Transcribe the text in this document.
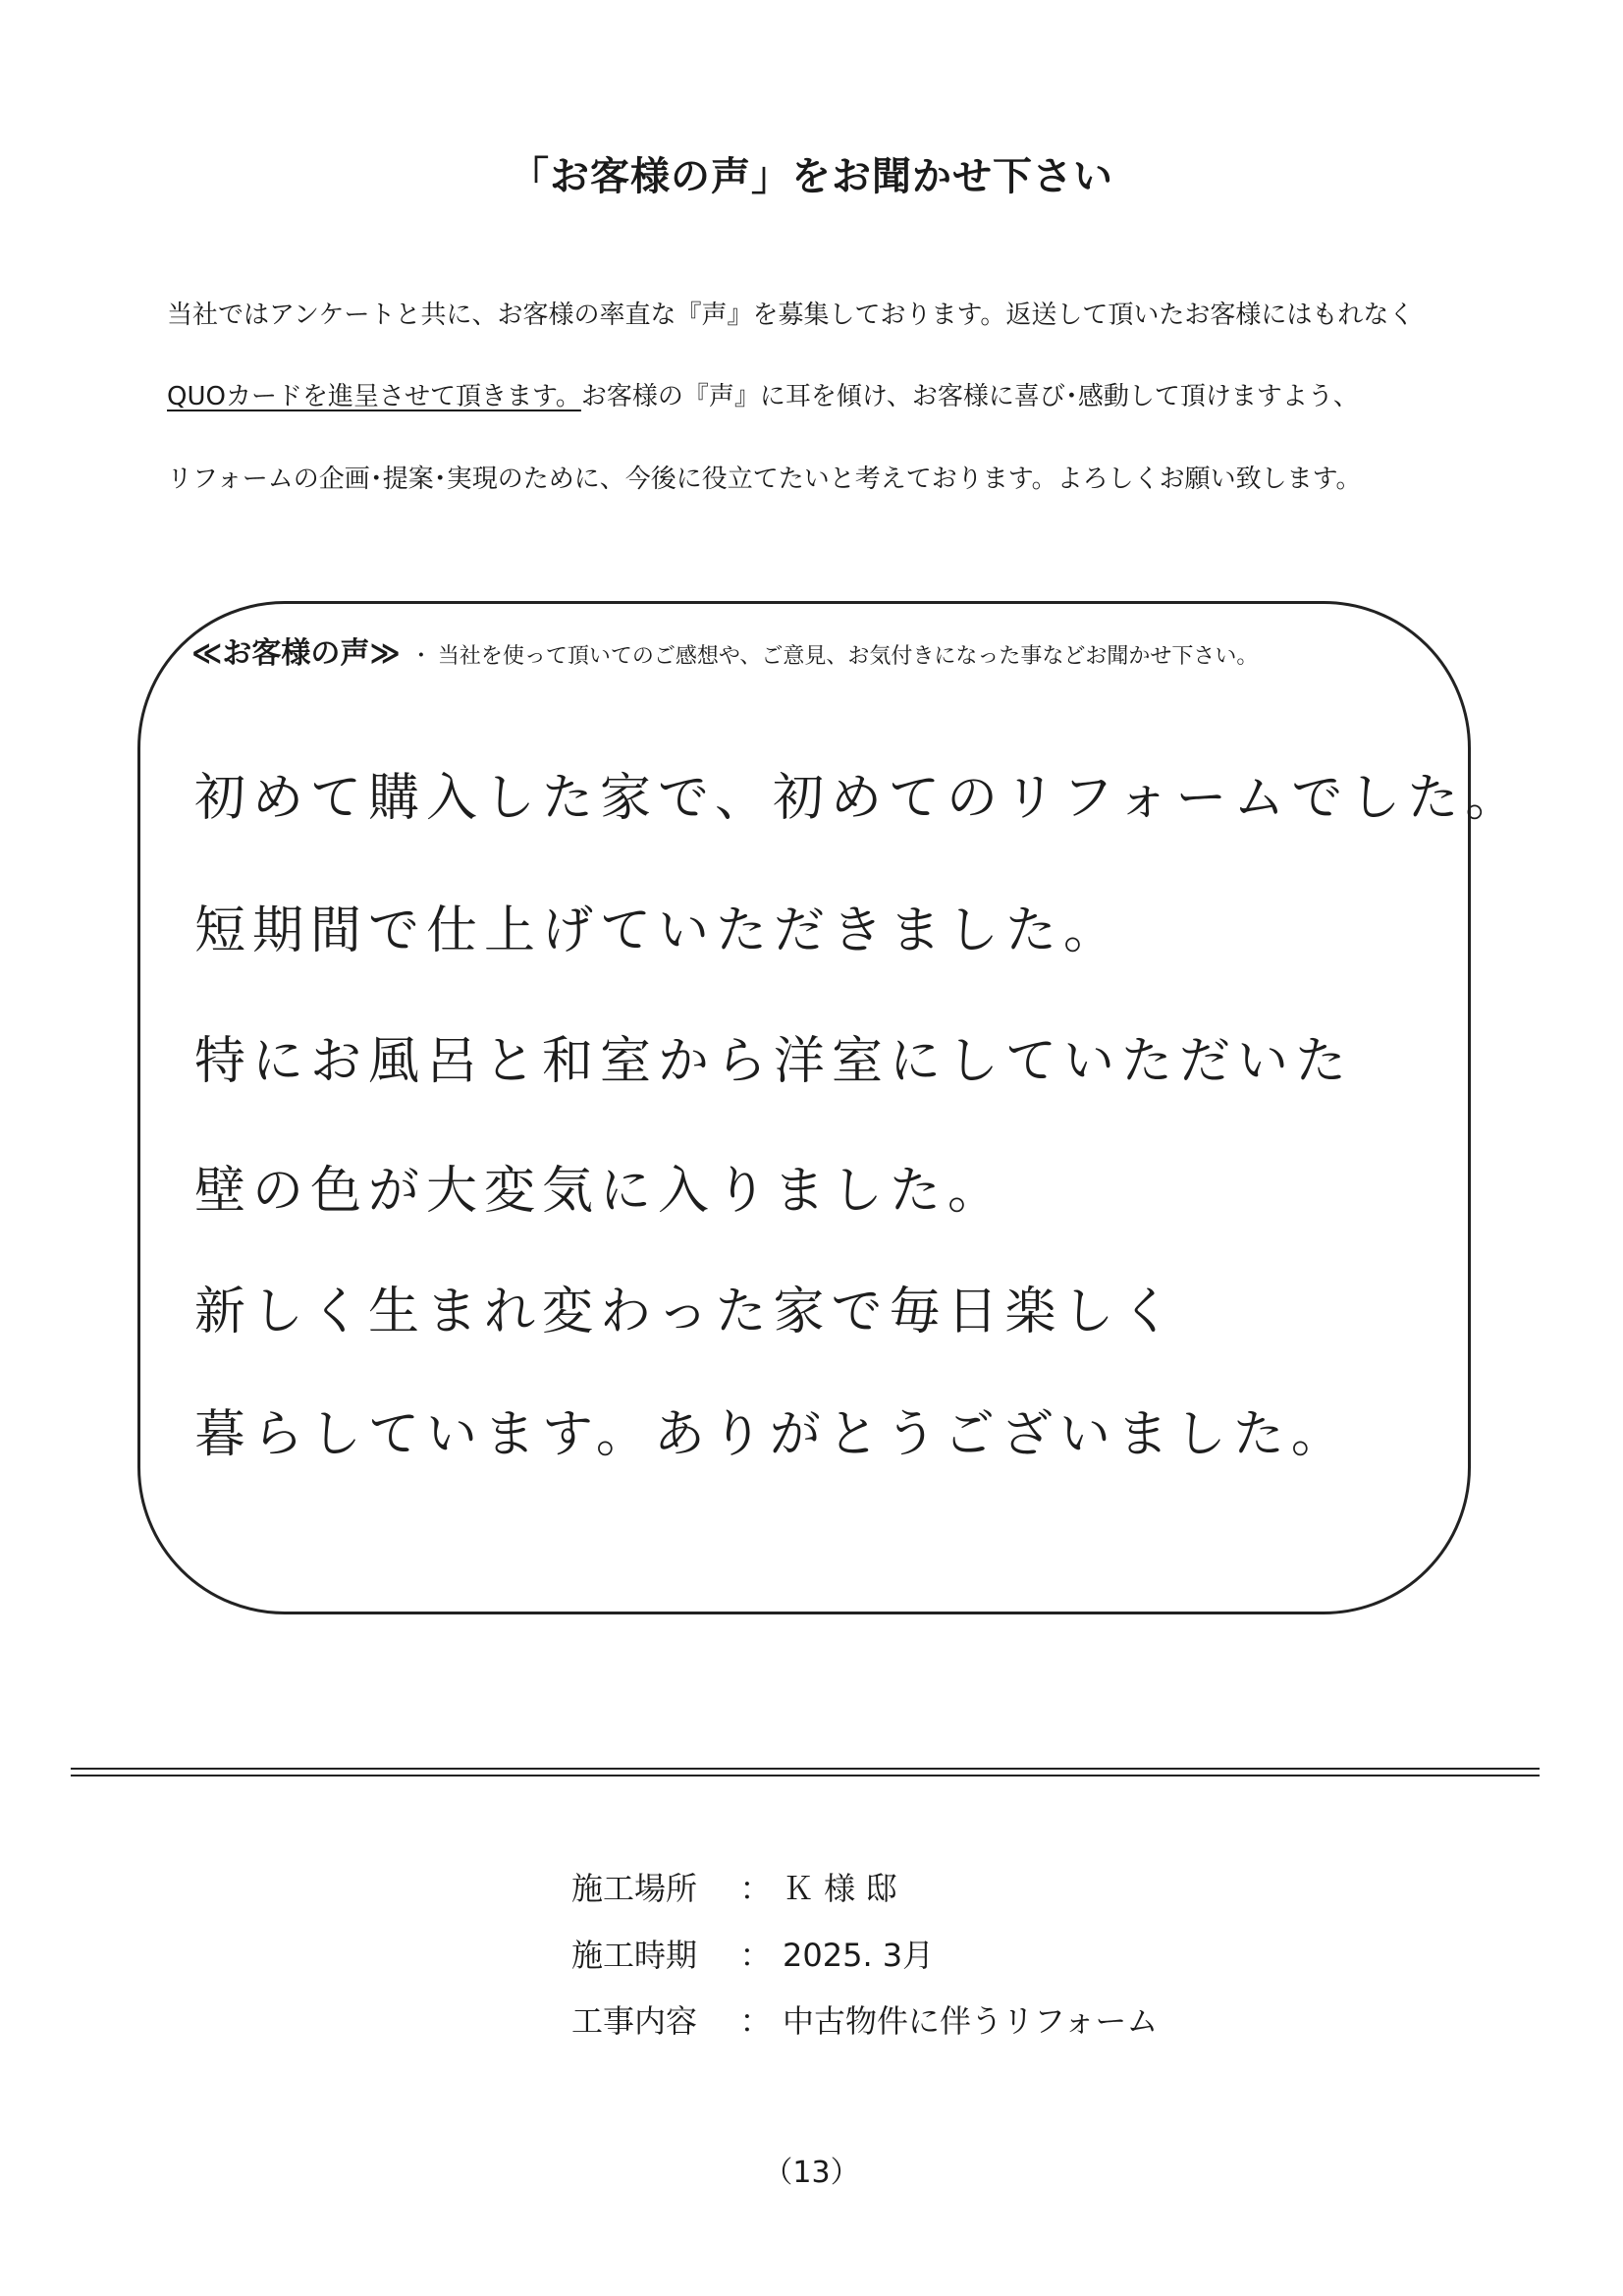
「お客様の声」をお聞かせ下さい
当社ではアンケートと共に、お客様の率直な『声』を募集しております。返送して頂いたお客様にはもれなく
QUOカードを進呈させて頂きます。お客様の『声』に耳を傾け、お客様に喜び･感動して頂けますよう、
リフォームの企画･提案･実現のために、今後に役立てたいと考えております。よろしくお願い致します。
≪お客様の声≫ ・ 当社を使って頂いてのご感想や、ご意見、お気付きになった事などお聞かせ下さい。
初めて購入した家で、初めてのリフォームでした。
短期間で仕上げていただきました。
特にお風呂と和室から洋室にしていただいた
壁の色が大変気に入りました。
新しく生まれ変わった家で毎日楽しく
暮らしています。ありがとうございました。
施工場所 ： Ｋ 様 邸
施工時期 ： 2025. 3月
工事内容 ： 中古物件に伴うリフォーム
（13）
